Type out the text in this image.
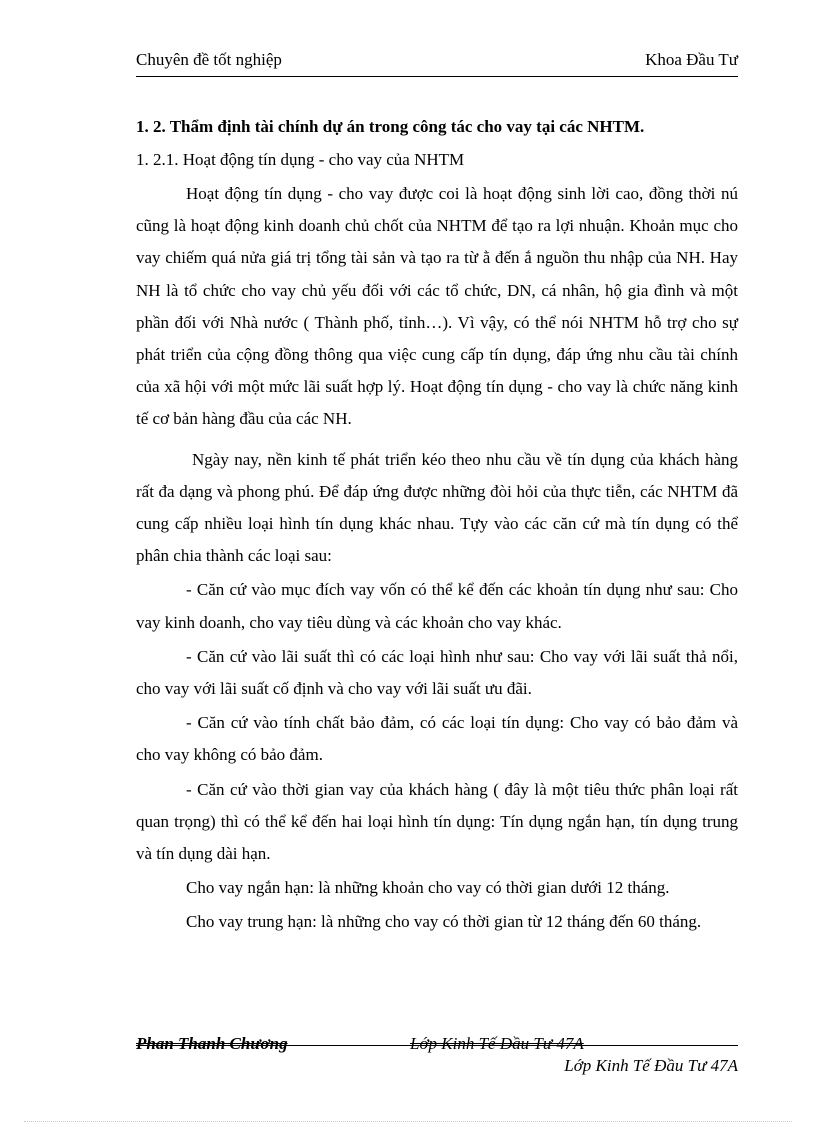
Chuyên đề tốt nghiệp	Khoa Đầu Tư

1. 2. Thẩm định tài chính dự án trong công tác cho vay tại các NHTM.

1. 2.1. Hoạt động tín dụng - cho vay của NHTM

Hoạt động tín dụng - cho vay được coi là hoạt động sinh lời cao, đồng thời nú cũng là hoạt động kinh doanh chủ chốt của NHTM để tạo ra lợi nhuận. Khoản mục cho vay chiếm quá nửa giá trị tổng tài sản và tạo ra từ ằ đến ắ nguồn thu nhập của NH. Hay NH là tổ chức cho vay chủ yếu đối với các tổ chức, DN, cá nhân, hộ gia đình và một phần đối với Nhà nước ( Thành phố, tỉnh…). Vì vậy, có thể nói NHTM hỗ trợ cho sự phát triển của cộng đồng thông qua việc cung cấp tín dụng, đáp ứng nhu cầu tài chính của xã hội với một mức lãi suất hợp lý. Hoạt động tín dụng - cho vay là chức năng kinh tế cơ bản hàng đầu của các NH.

Ngày nay, nền kinh tế phát triển kéo theo nhu cầu về tín dụng của khách hàng rất đa dạng và phong phú. Để đáp ứng được những đòi hỏi của thực tiễn, các NHTM đã cung cấp nhiều loại hình tín dụng khác nhau. Tựy vào các căn cứ mà tín dụng có thể phân chia thành các loại sau:

- Căn cứ vào mục đích vay vốn có thể kể đến các khoản tín dụng như sau: Cho vay kinh doanh, cho vay tiêu dùng và các khoản cho vay khác.

- Căn cứ vào lãi suất thì có các loại hình như sau: Cho vay với lãi suất thả nổi, cho vay với lãi suất cố định và cho vay với lãi suất ưu đãi.

- Căn cứ vào tính chất bảo đảm, có các loại tín dụng: Cho vay có bảo đảm và cho vay không có bảo đảm.

- Căn cứ vào thời gian vay của khách hàng ( đây là một tiêu thức phân loại rất quan trọng) thì có thể kể đến hai loại hình tín dụng: Tín dụng ngắn hạn, tín dụng trung và tín dụng dài hạn.

Cho vay ngắn hạn: là những khoản cho vay có thời gian dưới 12 tháng.

Cho vay trung hạn: là những cho vay có thời gian từ 12 tháng đến 60 tháng.

Phan Thanh Chương	Lớp Kinh Tế Đầu Tư 47A
Lớp Kinh Tế Đầu Tư 47A
